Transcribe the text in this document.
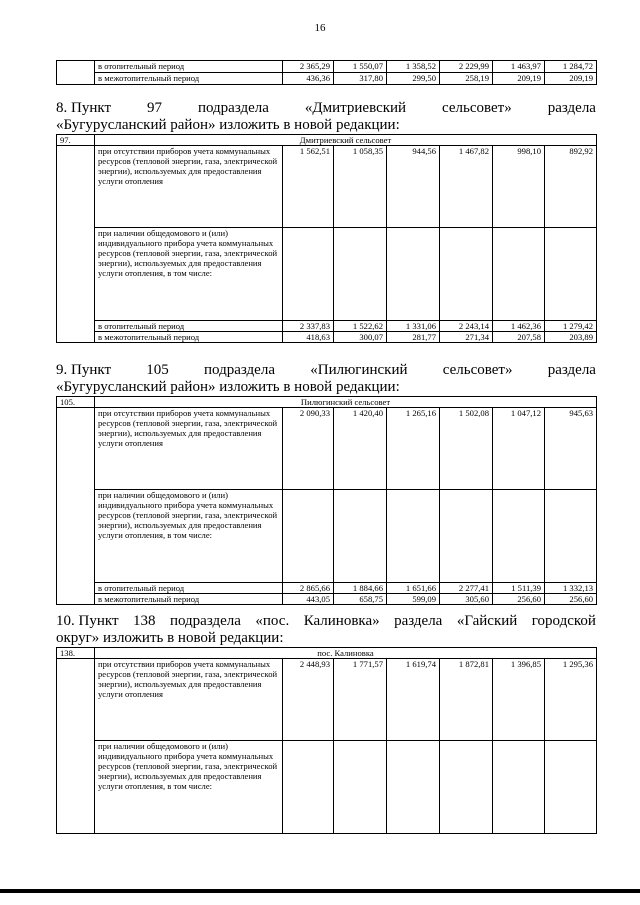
16
	в отопительный период	2 365,29	1 550,07	1 358,52	2 229,99	1 463,97	1 284,72
	в межотопительный период	436,36	317,80	299,50	258,19	209,19	209,19
8. Пункт 97 подраздела «Дмитриевский сельсовет» раздела
«Бугурусланский район» изложить в новой редакции:
97.	Дмитриевский сельсовет						
	при отсутствии приборов учета коммунальных ресурсов (тепловой энергии, газа, электрической энергии), используемых для предоставления услуги отопления	1 562,51	1 058,35	944,56	1 467,82	998,10	892,92
	при наличии общедомового и (или) индивидуального прибора учета коммунальных ресурсов (тепловой энергии, газа, электрической энергии), используемых для предоставления услуги отопления, в том числе:						
	в отопительный период	2 337,83	1 522,62	1 331,06	2 243,14	1 462,36	1 279,42
	в межотопительный период	418,63	300,07	281,77	271,34	207,58	203,89
9. Пункт 105 подраздела «Пилюгинский сельсовет» раздела
«Бугурусланский район» изложить в новой редакции:
105.	Пилюгинский сельсовет						
	при отсутствии приборов учета коммунальных ресурсов (тепловой энергии, газа, электрической энергии), используемых для предоставления услуги отопления	2 090,33	1 420,40	1 265,16	1 502,08	1 047,12	945,63
	при наличии общедомового и (или) индивидуального прибора учета коммунальных ресурсов (тепловой энергии, газа, электрической энергии), используемых для предоставления услуги отопления, в том числе:						
	в отопительный период	2 865,66	1 884,66	1 651,66	2 277,41	1 511,39	1 332,13
	в межотопительный период	443,05	658,75	599,09	305,60	256,60	256,60
10. Пункт 138 подраздела «пос. Калиновка» раздела «Гайский городской
округ» изложить в новой редакции:
138.	пос. Калиновка						
	при отсутствии приборов учета коммунальных ресурсов (тепловой энергии, газа, электрической энергии), используемых для предоставления услуги отопления	2 448,93	1 771,57	1 619,74	1 872,81	1 396,85	1 295,36
	при наличии общедомового и (или) индивидуального прибора учета коммунальных ресурсов (тепловой энергии, газа, электрической энергии), используемых для предоставления услуги отопления, в том числе:						
